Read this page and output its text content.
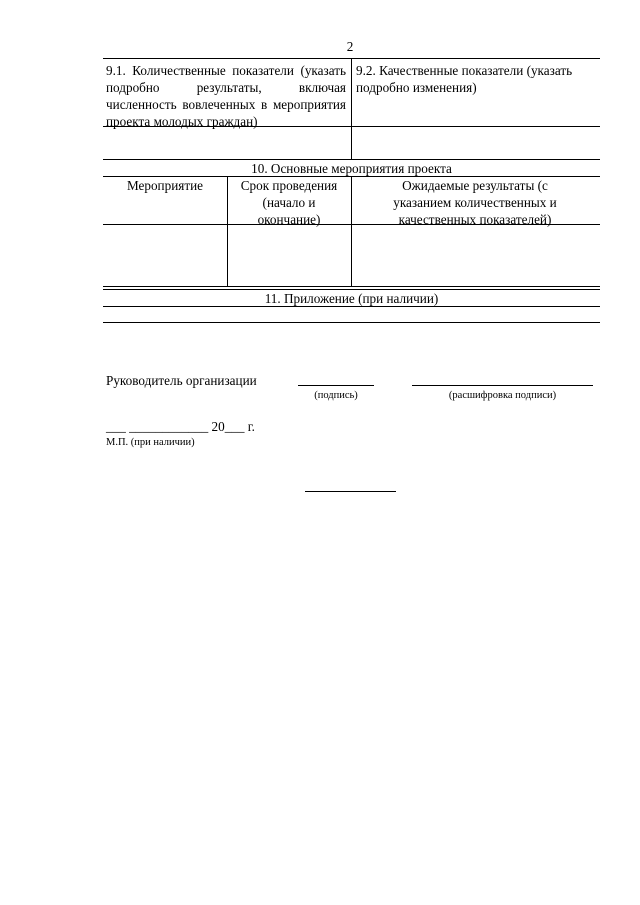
2
9.1. Количественные показатели (указать подробно результаты, включая численность вовлеченных в мероприятия проекта молодых граждан)
9.2. Качественные показатели (указать подробно изменения)
10. Основные мероприятия проекта
Мероприятие	Срок проведения (начало и окончание)
Ожидаемые результаты (с указанием количественных и качественных показателей)
11. Приложение (при наличии)
Руководитель организации
(подпись)	(расшифровка подписи)
___ ____________ 20___ г.
М.П. (при наличии)
